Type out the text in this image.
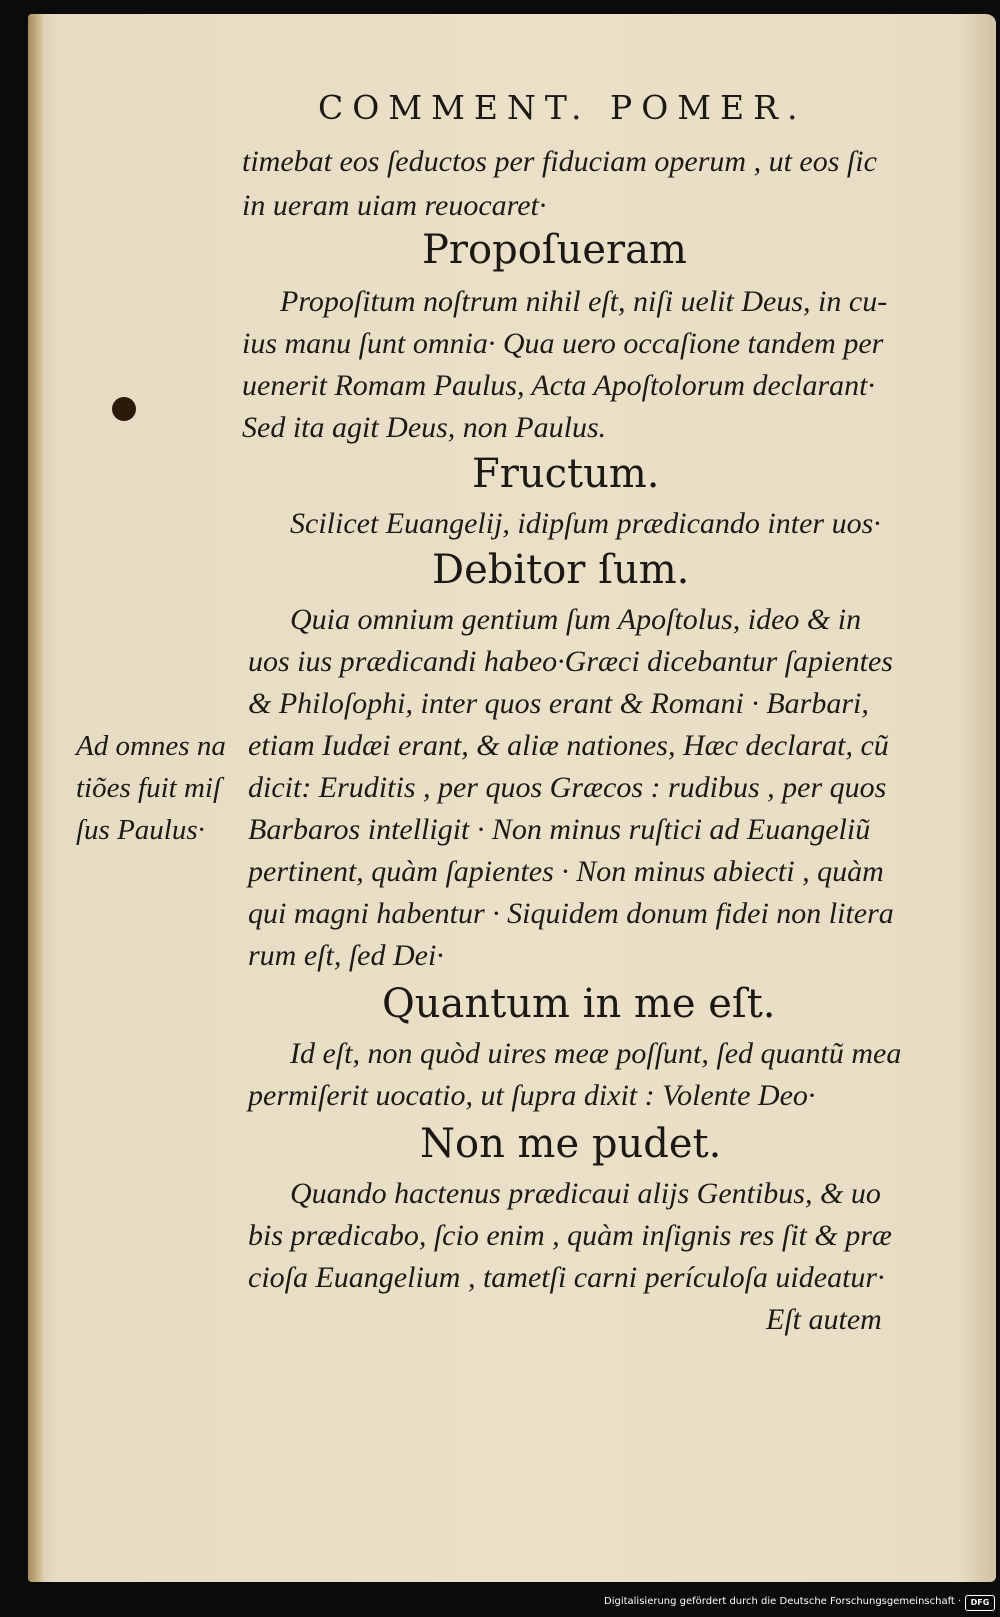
COMMENT. POMER.
timebat eos ſeductos per fiduciam operum , ut eos ſic
in ueram uiam reuocaret·
Propoſueram
Propoſitum noſtrum nihil eſt, niſi uelit Deus, in cu-
ius manu ſunt omnia· Qua uero occaſione tandem per
uenerit Romam Paulus, Acta Apoſtolorum declarant·
Sed ita agit Deus, non Paulus.
Fructum.
Scilicet Euangelij, idipſum prædicando inter uos·
Debitor ſum.
Quia omnium gentium ſum Apoſtolus, ideo & in
uos ius prædicandi habeo·Græci dicebantur ſapientes
& Philoſophi, inter quos erant & Romani · Barbari,
etiam Iudæi erant, & aliæ nationes, Hæc declarat, cũ
dicit: Eruditis , per quos Græcos : rudibus , per quos
Barbaros intelligit · Non minus ruſtici ad Euangeliũ
pertinent, quàm ſapientes · Non minus abiecti , quàm
qui magni habentur · Siquidem donum fidei non litera
rum eſt, ſed Dei·
Quantum in me eſt.
Id eſt, non quòd uires meæ poſſunt, ſed quantũ mea
permiſerit uocatio, ut ſupra dixit : Volente Deo·
Non me pudet.
Quando hactenus prædicaui alijs Gentibus, & uo
bis prædicabo, ſcio enim , quàm inſignis res ſit & præ
cioſa Euangelium , tametſi carni perículoſa uideatur·
Eſt autem
Ad omnes na
tiões fuit miſ
ſus Paulus·
Digitalisierung gefördert durch die Deutsche Forschungsgemeinschaft ·	DFG
